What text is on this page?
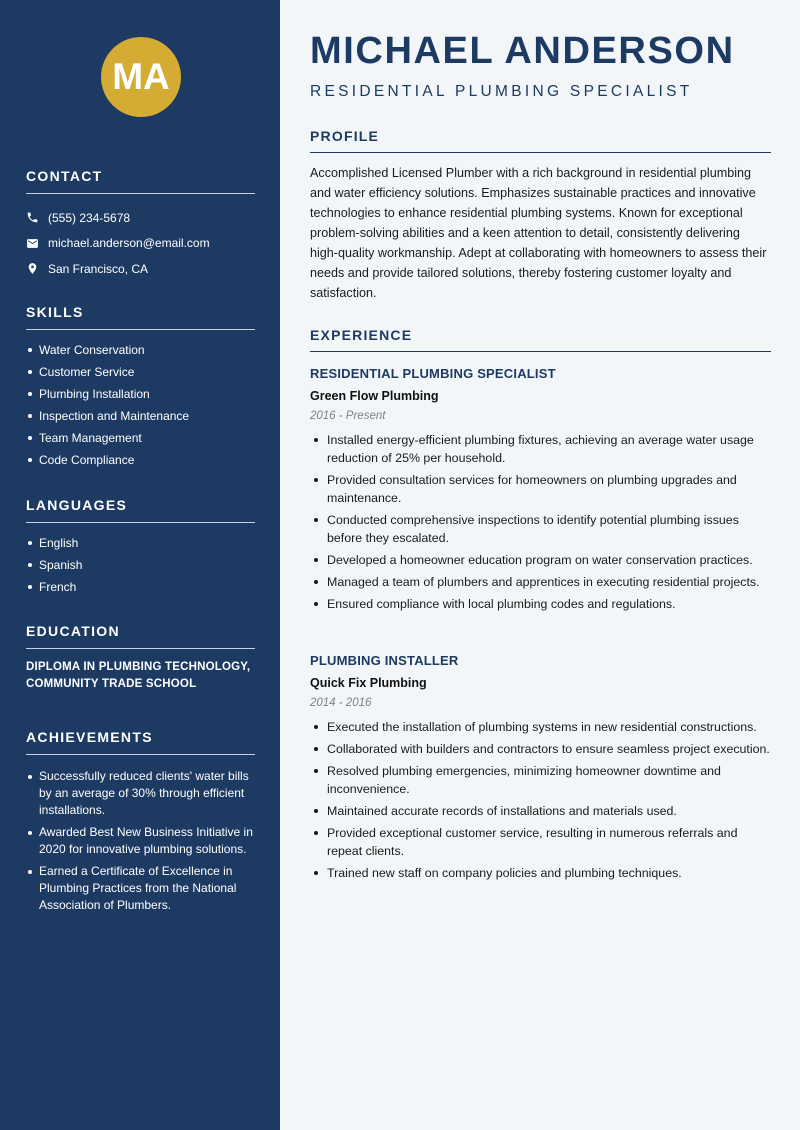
MA
CONTACT
(555) 234-5678
michael.anderson@email.com
San Francisco, CA
SKILLS
Water Conservation
Customer Service
Plumbing Installation
Inspection and Maintenance
Team Management
Code Compliance
LANGUAGES
English
Spanish
French
EDUCATION
DIPLOMA IN PLUMBING TECHNOLOGY, COMMUNITY TRADE SCHOOL
ACHIEVEMENTS
Successfully reduced clients' water bills by an average of 30% through efficient installations.
Awarded Best New Business Initiative in 2020 for innovative plumbing solutions.
Earned a Certificate of Excellence in Plumbing Practices from the National Association of Plumbers.
MICHAEL ANDERSON
RESIDENTIAL PLUMBING SPECIALIST
PROFILE
Accomplished Licensed Plumber with a rich background in residential plumbing and water efficiency solutions. Emphasizes sustainable practices and innovative technologies to enhance residential plumbing systems. Known for exceptional problem-solving abilities and a keen attention to detail, consistently delivering high-quality workmanship. Adept at collaborating with homeowners to assess their needs and provide tailored solutions, thereby fostering customer loyalty and satisfaction.
EXPERIENCE
RESIDENTIAL PLUMBING SPECIALIST
Green Flow Plumbing
2016 - Present
Installed energy-efficient plumbing fixtures, achieving an average water usage reduction of 25% per household.
Provided consultation services for homeowners on plumbing upgrades and maintenance.
Conducted comprehensive inspections to identify potential plumbing issues before they escalated.
Developed a homeowner education program on water conservation practices.
Managed a team of plumbers and apprentices in executing residential projects.
Ensured compliance with local plumbing codes and regulations.
PLUMBING INSTALLER
Quick Fix Plumbing
2014 - 2016
Executed the installation of plumbing systems in new residential constructions.
Collaborated with builders and contractors to ensure seamless project execution.
Resolved plumbing emergencies, minimizing homeowner downtime and inconvenience.
Maintained accurate records of installations and materials used.
Provided exceptional customer service, resulting in numerous referrals and repeat clients.
Trained new staff on company policies and plumbing techniques.
